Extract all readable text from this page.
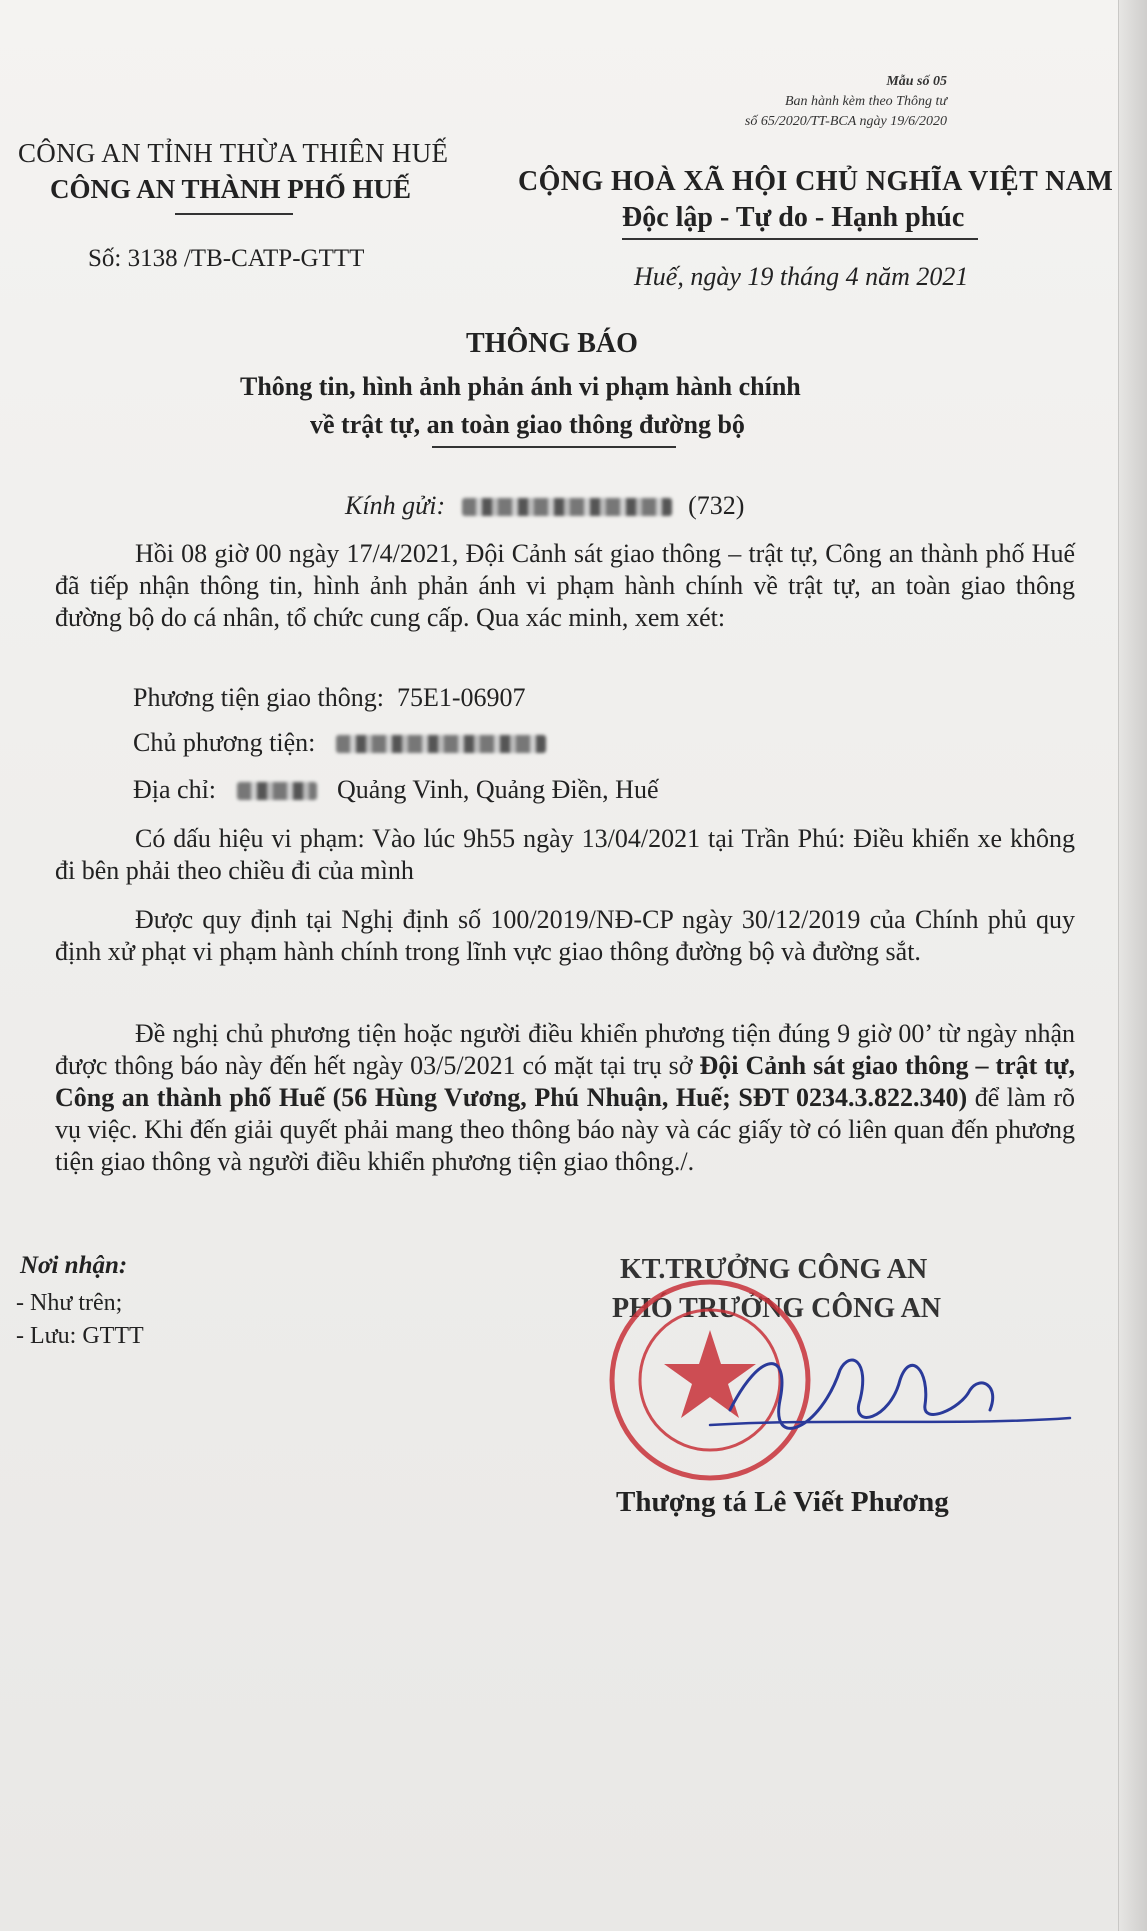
Mẫu số 05
Ban hành kèm theo Thông tư
số 65/2020/TT-BCA ngày 19/6/2020
CÔNG AN TỈNH THỪA THIÊN HUẾ
CÔNG AN THÀNH PHỐ HUẾ
Số: 3138 /TB-CATP-GTTT
CỘNG HOÀ XÃ HỘI CHỦ NGHĨA VIỆT NAM
Độc lập - Tự do - Hạnh phúc
Huế, ngày 19 tháng 4 năm 2021
THÔNG BÁO
Thông tin, hình ảnh phản ánh vi phạm hành chính
về trật tự, an toàn giao thông đường bộ
Kính gửi:	(732)
Hồi 08 giờ 00 ngày 17/4/2021, Đội Cảnh sát giao thông – trật tự, Công an thành phố Huế đã tiếp nhận thông tin, hình ảnh phản ánh vi phạm hành chính về trật tự, an toàn giao thông đường bộ do cá nhân, tổ chức cung cấp. Qua xác minh, xem xét:
Phương tiện giao thông: 75E1-06907
Chủ phương tiện:
Địa chỉ:	Quảng Vinh, Quảng Điền, Huế
Có dấu hiệu vi phạm: Vào lúc 9h55 ngày 13/04/2021 tại Trần Phú: Điều khiển xe không đi bên phải theo chiều đi của mình
Được quy định tại Nghị định số 100/2019/NĐ-CP ngày 30/12/2019 của Chính phủ quy định xử phạt vi phạm hành chính trong lĩnh vực giao thông đường bộ và đường sắt.
Đề nghị chủ phương tiện hoặc người điều khiển phương tiện đúng 9 giờ 00’ từ ngày nhận được thông báo này đến hết ngày 03/5/2021 có mặt tại trụ sở Đội Cảnh sát giao thông – trật tự, Công an thành phố Huế (56 Hùng Vương, Phú Nhuận, Huế; SĐT 0234.3.822.340) để làm rõ vụ việc. Khi đến giải quyết phải mang theo thông báo này và các giấy tờ có liên quan đến phương tiện giao thông và người điều khiển phương tiện giao thông./.
Nơi nhận:
- Như trên;
- Lưu: GTTT
KT.TRƯỞNG CÔNG AN
PHÓ TRƯỞNG CÔNG AN
Thượng tá Lê Viết Phương
